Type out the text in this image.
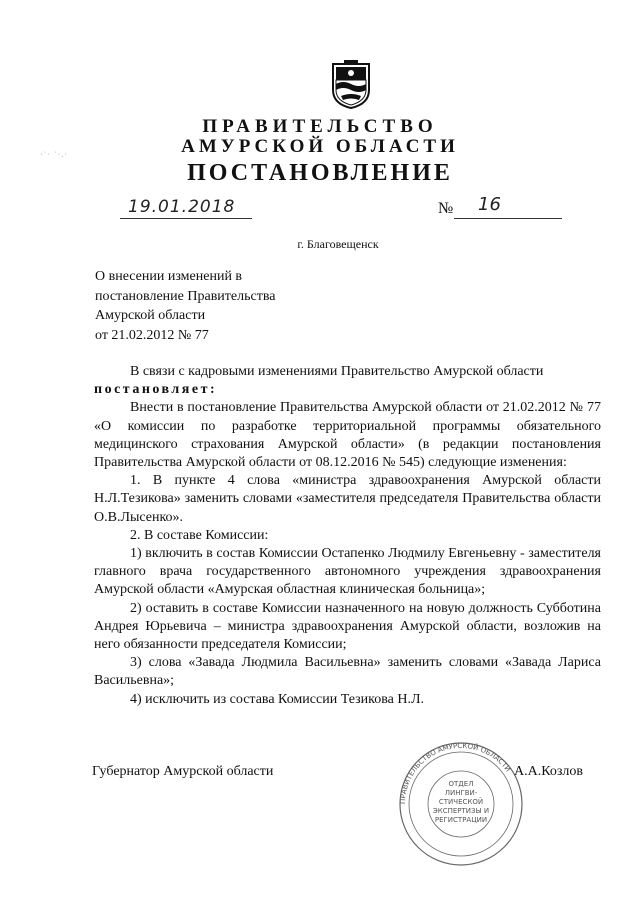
·˙· ˙·.·
ПРАВИТЕЛЬСТВО
АМУРСКОЙ ОБЛАСТИ
ПОСТАНОВЛЕНИЕ
19.01.2018	№ 16
г. Благовещенск
О внесении изменений в
постановление Правительства
Амурской области
от 21.02.2012 № 77

В связи с кадровыми изменениями Правительство Амурской области

постановляет:

Внести в постановление Правительства Амурской области от 21.02.2012 № 77 «О комиссии по разработке территориальной программы обязательного медицинского страхования Амурской области» (в редакции постановления Правительства Амурской области от 08.12.2016 № 545) следующие изменения:

1. В пункте 4 слова «министра здравоохранения Амурской области Н.Л.Тезикова» заменить словами «заместителя председателя Правительства области О.В.Лысенко».

2. В составе Комиссии:

1) включить в состав Комиссии Остапенко Людмилу Евгеньевну - заместителя главного врача государственного автономного учреждения здравоохранения Амурской области «Амурская областная клиническая больница»;

2) оставить в составе Комиссии назначенного на новую должность Субботина Андрея Юрьевича – министра здравоохранения Амурской области, возложив на него обязанности председателя Комиссии;

3) слова «Завада Людмила Васильевна» заменить словами «Завада Лариса Васильевна»;

4) исключить из состава Комиссии Тезикова Н.Л.

Губернатор Амурской области
ПРАВИТЕЛЬСТВО АМУРСКОЙ ОБЛАСТИ
ОТДЕЛ
ЛИНГВИ-
СТИЧЕСКОЙ
ЭКСПЕРТИЗЫ И
РЕГИСТРАЦИИ
А.А.Козлов
